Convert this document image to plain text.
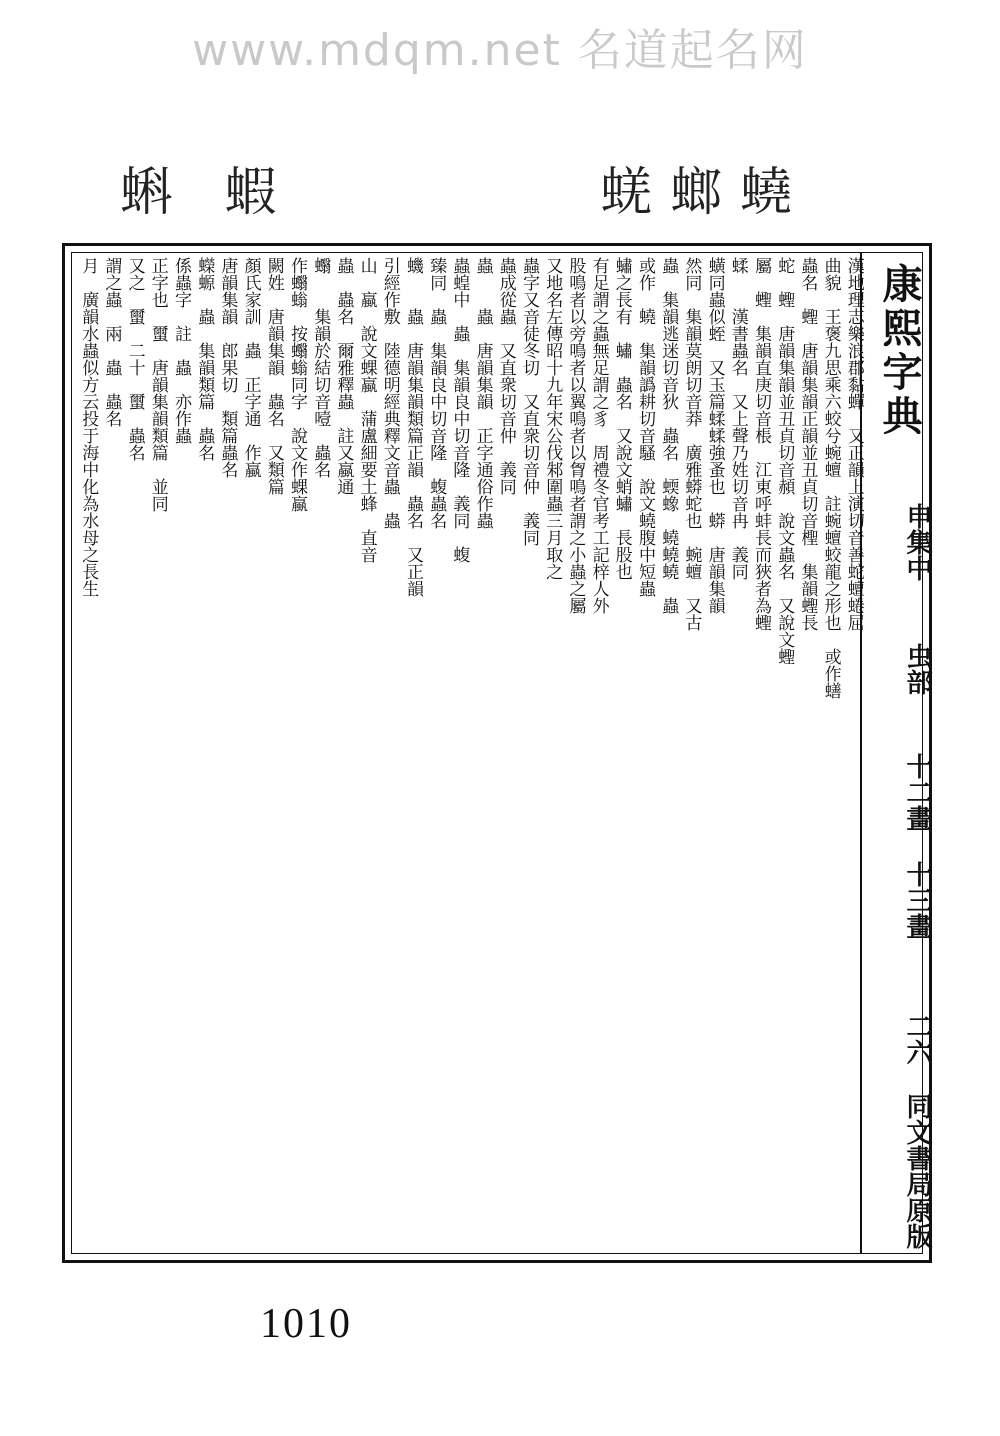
www.mdqm.net 名道起名网
蝌 蝦	蜣螂蟯
康熙字典
申集中
虫部
十二畫 十三畫
二六
同文書局原版
漢地理志樂浪郡黏蟬　又正韻上演切音善蛇蟺蜷屈
曲貌　王褒九思乘六蛟兮蜿蟺　註蜿蟺蛟龍之形也　或作蟮
蟲名　蟶　唐韻集韻正韻並丑貞切音檉　集韻蟶長
蛇　蟶　唐韻集韻並丑貞切音頳　說文蟲名　又說文蟶
屬　蟶　集韻直庚切音棖　江東呼蚌長而狹者為蟶
蝚　　漢書蟲名　又上聲乃姓切音冉　義同
蟥同蟲似蛭　又玉篇蝚蝚強蚤也　蟒　唐韻集韻
然同　集韻莫朗切音莽　廣雅蟒蛇也　蜿蟺　又古
蟲　集韻逃迷切音狄　蟲名　蝡蟓　蟯蟯蟯　蟲
或作　蟯　集韻譌耕切音騷　說文蟯腹中短蟲
蟰之長有　蟰　蟲名　又說文蛸蟰　長股也
有足謂之蟲無足謂之豸　周禮冬官考工記梓人外
股鳴者以旁鳴者以翼鳴者以胷鳴者謂之小蟲之屬
又地名左傳昭十九年宋公伐邾圍蟲三月取之
蟲字又音徒冬切　又直衆切音仲　義同
蟲成從蟲　又直衆切音仲　義同
蟲　　蟲　唐韻集韻　正字通俗作蟲
蟲蝗中　蟲　集韻良中切音隆　義同　蝮
臻同　蟲　集韻良中切音隆　蝮蟲名
蟣　　蟲　唐韻集韻類篇正韻　蟲名　又正韻
引經作敷　陸德明經典釋文音蟲　蟲
山　蠃　說文蜾蠃　蒲盧細要土蜂　直音
蟲　蟲名　爾雅釋蟲　註又蠃通
蠮　　集韻於結切音噎　蟲名
作蠮螉　按蠮螉同字　說文作蜾蠃
闕姓　唐韻集韻　蟲名　又類篇
顏氏家訓　蟲　正字通　作蠃
唐韻集韻　郎果切　類篇蟲名
蠑螈　蟲　集韻類篇　蟲名
係蟲字　註　蟲　亦作蟲
正字也　蠒　唐韻集韻類篇　並同
又之　蠒　二十　蠒　蟲名
謂之蟲　兩　蟲　蟲名
月　廣韻水蟲似方云投于海中化為水母之長生
1010
